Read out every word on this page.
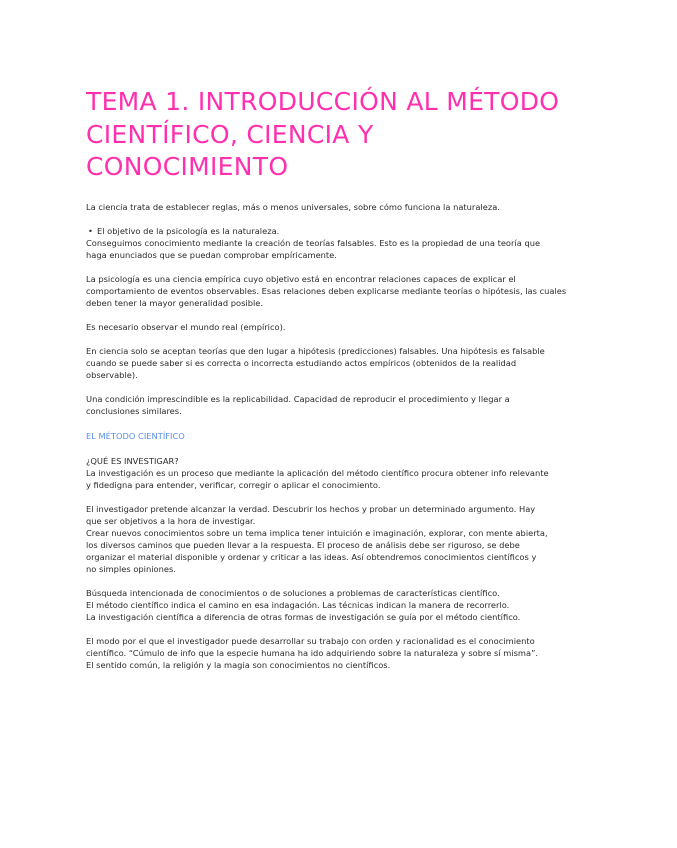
TEMA 1. INTRODUCCIÓN AL MÉTODO
CIENTÍFICO, CIENCIA Y
CONOCIMIENTO
La ciencia trata de establecer reglas, más o menos universales, sobre cómo funciona la naturaleza.
• El objetivo de la psicología es la naturaleza.
Conseguimos conocimiento mediante la creación de teorías falsables. Esto es la propiedad de una teoría que
haga enunciados que se puedan comprobar empíricamente.
La psicología es una ciencia empírica cuyo objetivo está en encontrar relaciones capaces de explicar el
comportamiento de eventos observables. Esas relaciones deben explicarse mediante teorías o hipótesis, las cuales
deben tener la mayor generalidad posible.
Es necesario observar el mundo real (empírico).
En ciencia solo se aceptan teorías que den lugar a hipótesis (predicciones) falsables. Una hipótesis es falsable
cuando se puede saber si es correcta o incorrecta estudiando actos empíricos (obtenidos de la realidad
observable).
Una condición imprescindible es la replicabilidad. Capacidad de reproducir el procedimiento y llegar a
conclusiones similares.
EL MÉTODO CIENTÍFICO
¿QUÉ ES INVESTIGAR?
La investigación es un proceso que mediante la aplicación del método científico procura obtener info relevante
y fidedigna para entender, verificar, corregir o aplicar el conocimiento.
El investigador pretende alcanzar la verdad. Descubrir los hechos y probar un determinado argumento. Hay
que ser objetivos a la hora de investigar.
Crear nuevos conocimientos sobre un tema implica tener intuición e imaginación, explorar, con mente abierta,
los diversos caminos que pueden llevar a la respuesta. El proceso de análisis debe ser riguroso, se debe
organizar el material disponible y ordenar y criticar a las ideas. Así obtendremos conocimientos científicos y
no simples opiniones.
Búsqueda intencionada de conocimientos o de soluciones a problemas de características científico.
El método científico indica el camino en esa indagación. Las técnicas indican la manera de recorrerlo.
La investigación científica a diferencia de otras formas de investigación se guía por el método científico.
El modo por el que el investigador puede desarrollar su trabajo con orden y racionalidad es el conocimiento
científico. “Cúmulo de info que la especie humana ha ido adquiriendo sobre la naturaleza y sobre sí misma”.
El sentido común, la religión y la magia son conocimientos no científicos.
